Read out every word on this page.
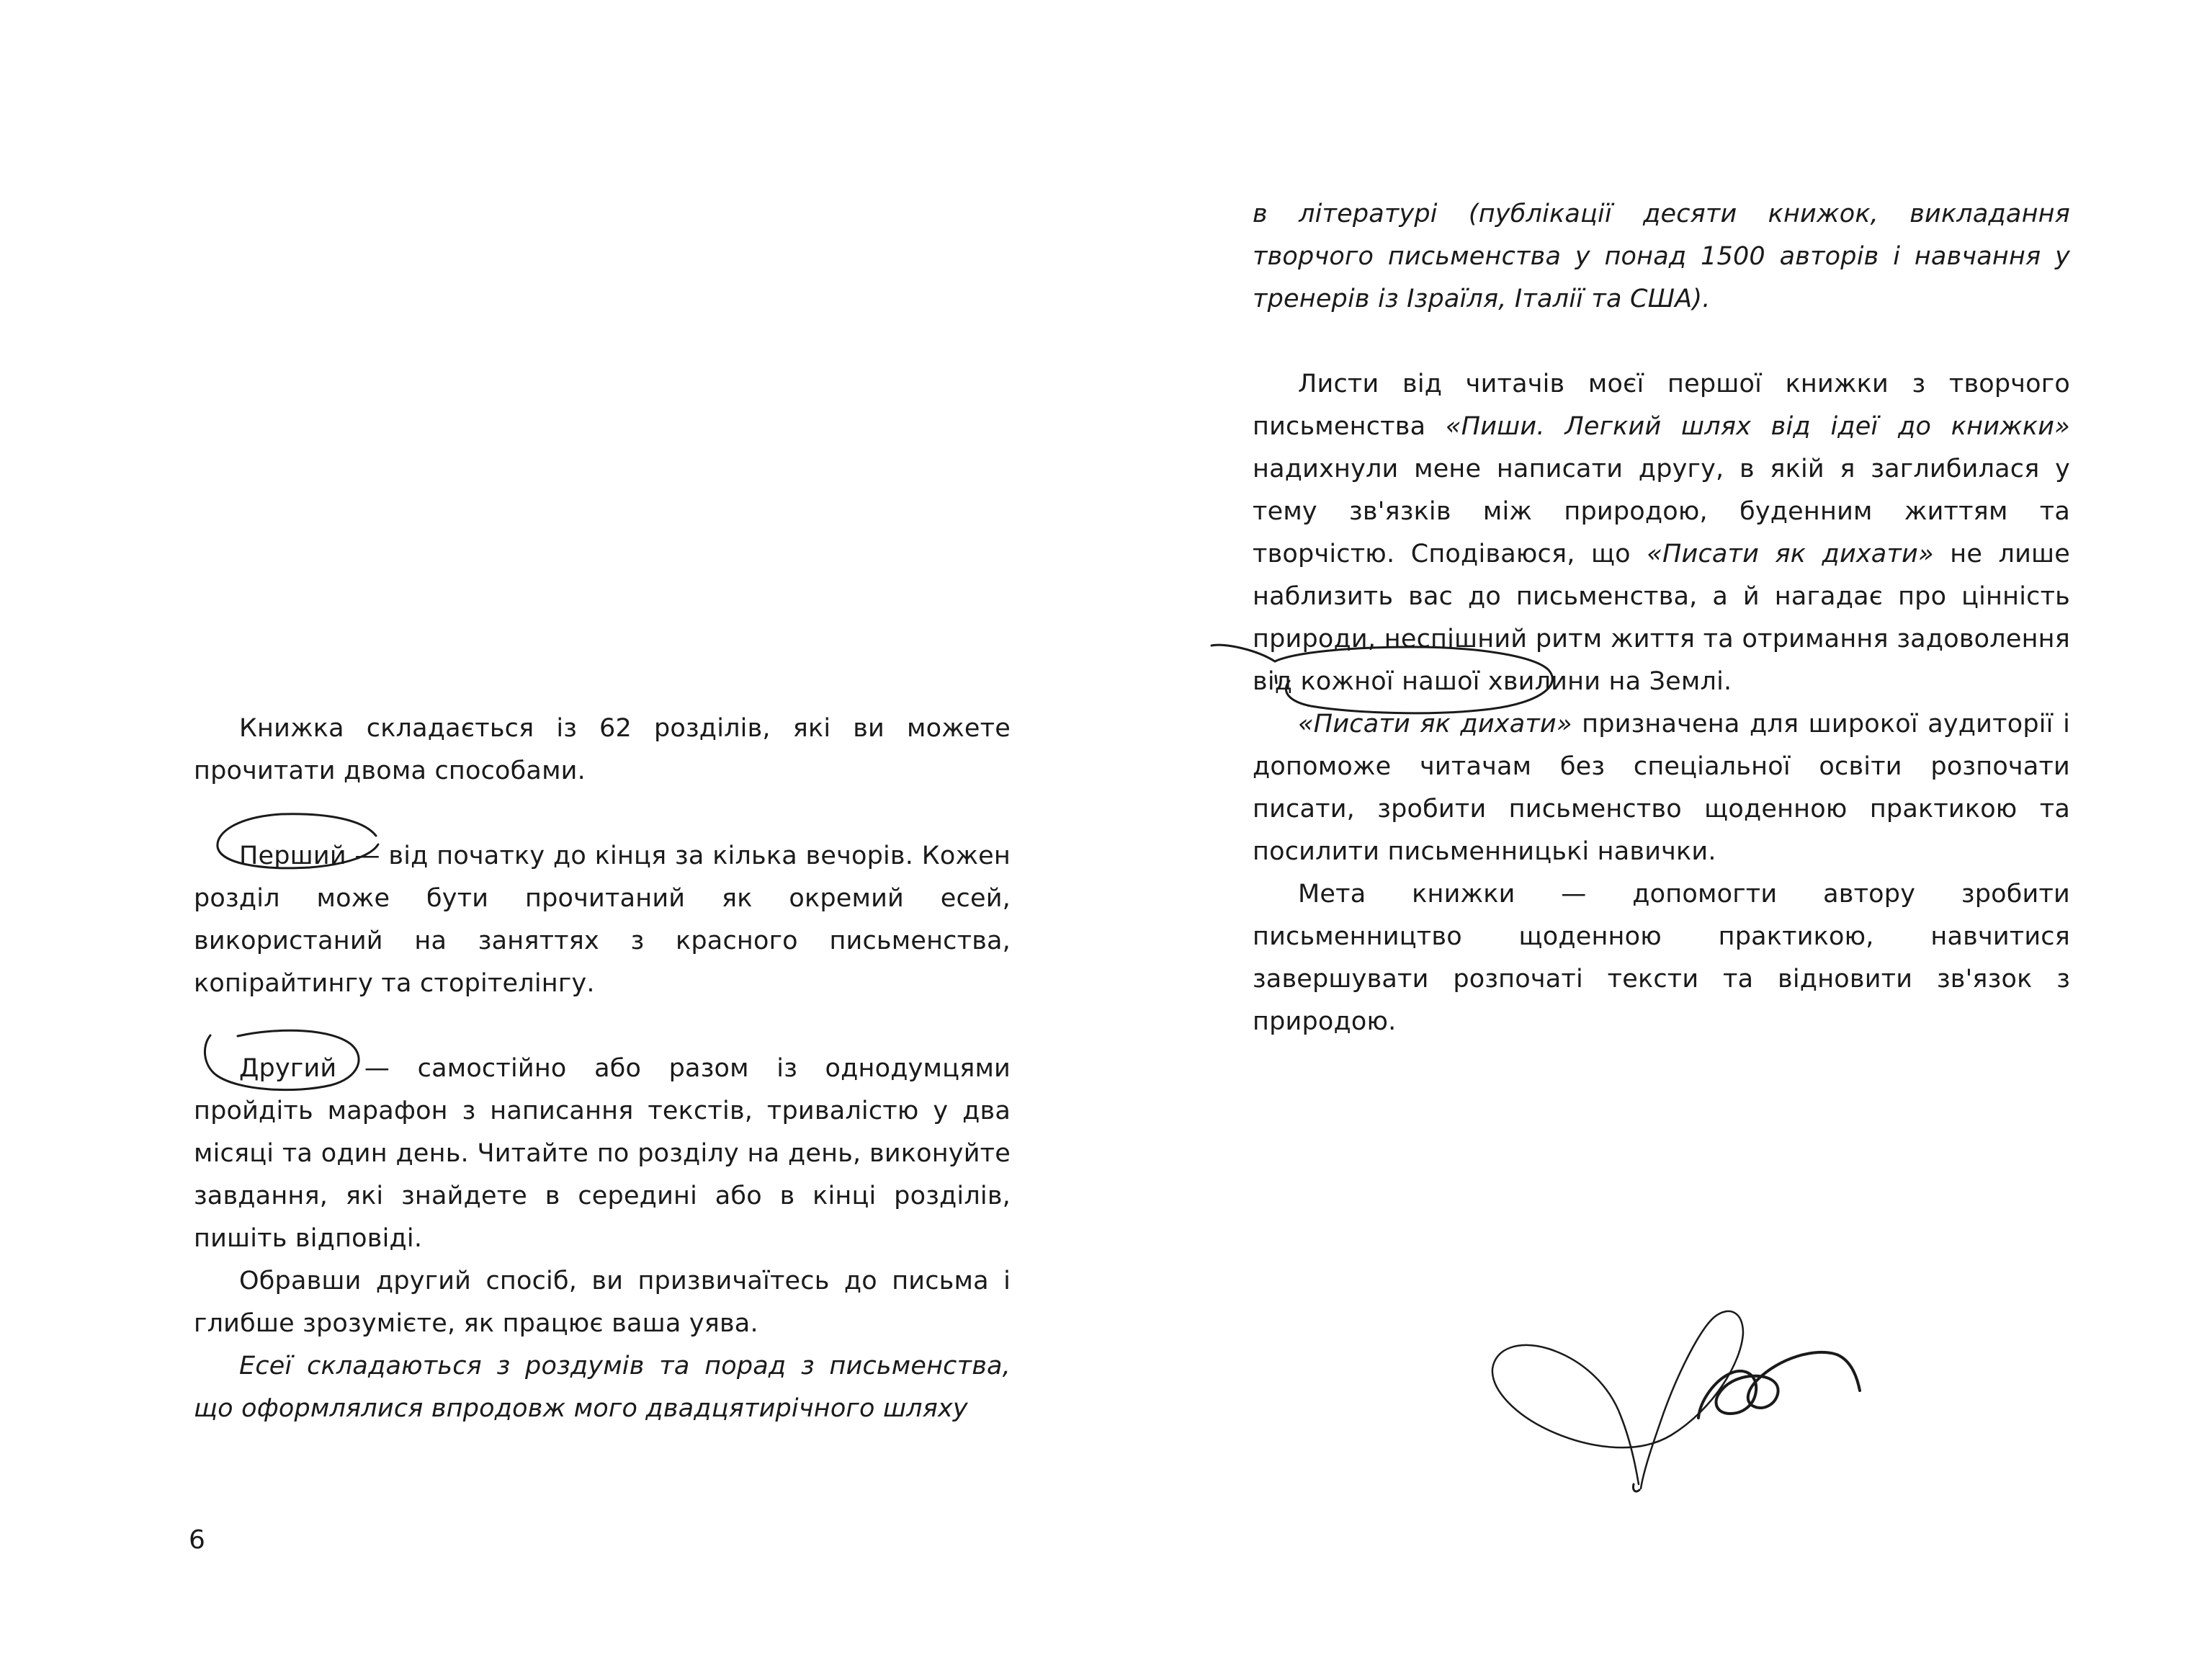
Книжка складається із 62 розділів, які ви можете прочитати двома способами.

Перший — від початку до кінця за кілька вечорів. Кожен розділ може бути прочитаний як окремий есей, використаний на заняттях з красного письменства, копірайтингу та сторітелінгу.

Другий — самостійно або разом із однодумцями пройдіть марафон з написання текстів, тривалістю у два місяці та один день. Читайте по розділу на день, виконуйте завдання, які знайдете в середині або в кінці розділів, пишіть відповіді.

Обравши другий спосіб, ви призвичаїтесь до письма і глибше зрозумієте, як працює ваша уява.

Есеї складаються з роздумів та порад з письменства, що оформлялися впродовж мого двадцятирічного шляху

6

в літературі (публікації десяти книжок, викладання творчого письменства у понад 1500 авторів і навчання у тренерів із Ізраїля, Італії та США).

Листи від читачів моєї першої книжки з творчого письменства «Пиши. Легкий шлях від ідеї до книжки» надихнули мене написати другу, в якій я заглибилася у тему зв'язків між природою, буденним життям та творчістю. Сподіваюся, що «Писати як дихати» не лише наблизить вас до письменства, а й нагадає про цінність природи, неспішний ритм життя та отримання задоволення від кожної нашої хвилини на Землі.

«Писати як дихати» призначена для широкої аудиторії і допоможе читачам без спеціальної освіти розпочати писати, зробити письменство щоденною практикою та посилити письменницькі навички.

Мета книжки — допомогти автору зробити письменництво щоденною практикою, навчитися завершувати розпочаті тексти та відновити зв'язок з природою.
